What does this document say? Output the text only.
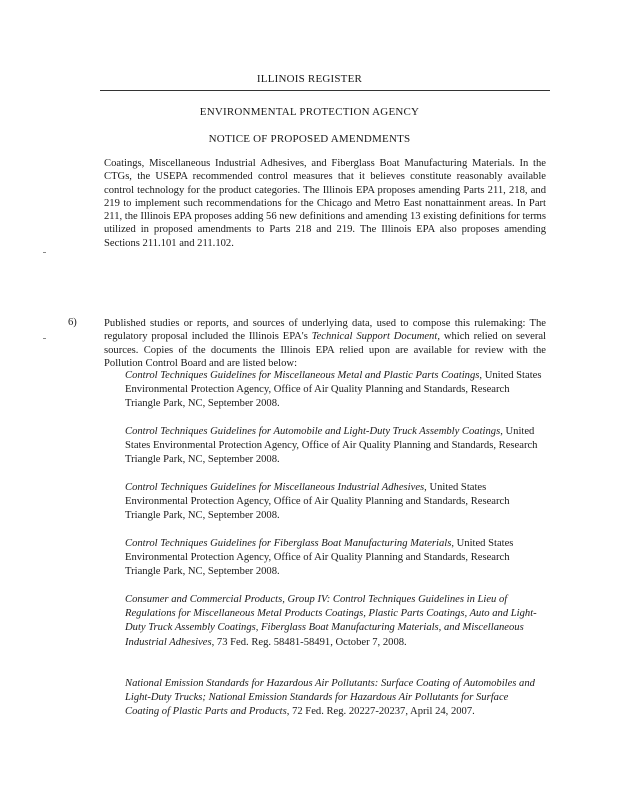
ILLINOIS REGISTER
ENVIRONMENTAL PROTECTION AGENCY
NOTICE OF PROPOSED AMENDMENTS

Coatings, Miscellaneous Industrial Adhesives, and Fiberglass Boat Manufacturing Materials. In the CTGs, the USEPA recommended control measures that it believes constitute reasonably available control technology for the product categories. The Illinois EPA proposes amending Parts 211, 218, and 219 to implement such recommendations for the Chicago and Metro East nonattainment areas. In Part 211, the Illinois EPA proposes adding 56 new definitions and amending 13 existing definitions for terms utilized in proposed amendments to Parts 218 and 219. The Illinois EPA also proposes amending Sections 211.101 and 211.102.

6)	Published studies or reports, and sources of underlying data, used to compose this rulemaking: The regulatory proposal included the Illinois EPA's Technical Support Document, which relied on several sources. Copies of the documents the Illinois EPA relied upon are available for review with the Pollution Control Board and are listed below:

Control Techniques Guidelines for Miscellaneous Metal and Plastic Parts Coatings, United States Environmental Protection Agency, Office of Air Quality Planning and Standards, Research Triangle Park, NC, September 2008.
Control Techniques Guidelines for Automobile and Light-Duty Truck Assembly Coatings, United States Environmental Protection Agency, Office of Air Quality Planning and Standards, Research Triangle Park, NC, September 2008.
Control Techniques Guidelines for Miscellaneous Industrial Adhesives, United States Environmental Protection Agency, Office of Air Quality Planning and Standards, Research Triangle Park, NC, September 2008.
Control Techniques Guidelines for Fiberglass Boat Manufacturing Materials, United States Environmental Protection Agency, Office of Air Quality Planning and Standards, Research Triangle Park, NC, September 2008.
Consumer and Commercial Products, Group IV: Control Techniques Guidelines in Lieu of Regulations for Miscellaneous Metal Products Coatings, Plastic Parts Coatings, Auto and Light-Duty Truck Assembly Coatings, Fiberglass Boat Manufacturing Materials, and Miscellaneous Industrial Adhesives, 73 Fed. Reg. 58481-58491, October 7, 2008.
National Emission Standards for Hazardous Air Pollutants: Surface Coating of Automobiles and Light-Duty Trucks; National Emission Standards for Hazardous Air Pollutants for Surface Coating of Plastic Parts and Products, 72 Fed. Reg. 20227-20237, April 24, 2007.
